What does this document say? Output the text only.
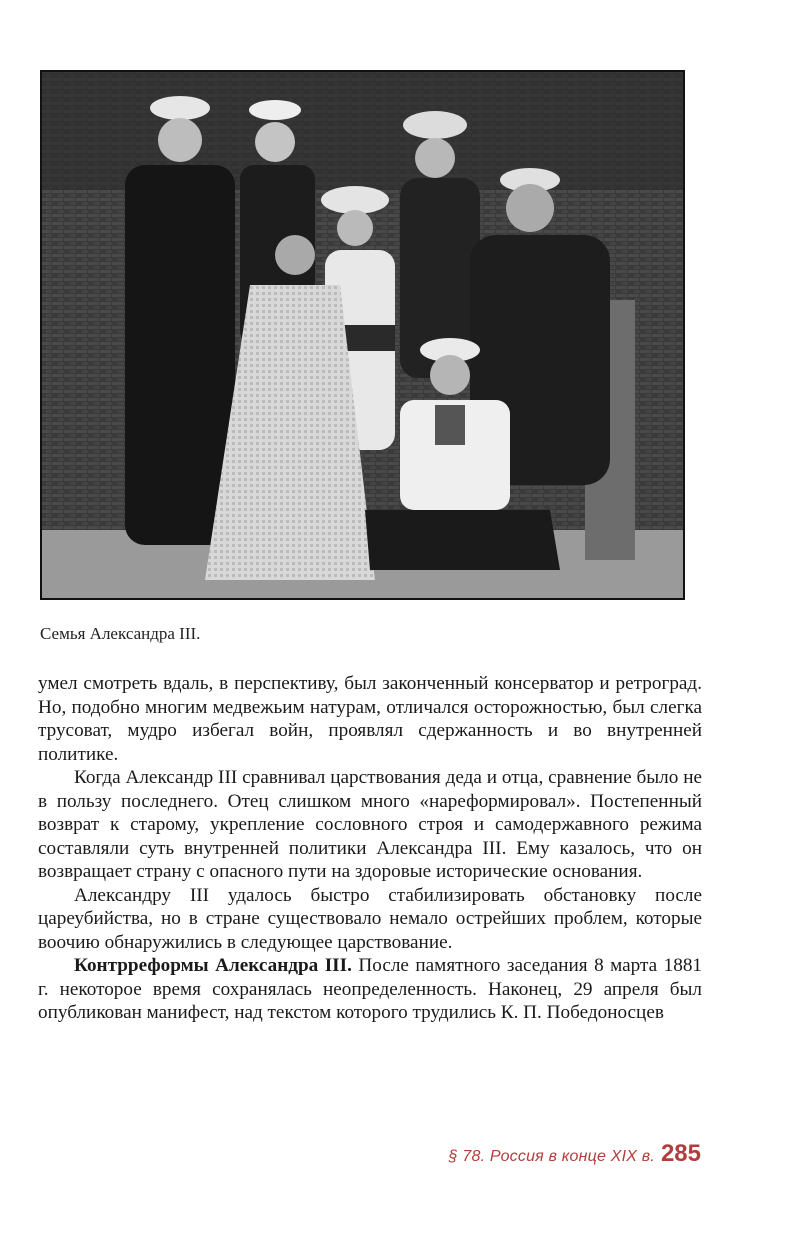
Семья Александра III.

умел смотреть вдаль, в перспективу, был законченный консерватор и ретроград. Но, подобно многим медвежьим натурам, отличался осторожностью, был слегка трусоват, мудро избегал войн, проявлял сдержанность и во внутренней политике.

Когда Александр III сравнивал царствования деда и отца, сравнение было не в пользу последнего. Отец слишком много «нареформировал». Постепенный возврат к старому, укрепление сословного строя и самодержавного режима составляли суть внутренней политики Александра III. Ему казалось, что он возвращает страну с опасного пути на здоровые исторические основания.

Александру III удалось быстро стабилизировать обстановку после цареубийства, но в стране существовало немало острейших проблем, которые воочию обнаружились в следующее царствование.

Контрреформы Александра III. После памятного заседания 8 марта 1881 г. некоторое время сохранялась неопределенность. Наконец, 29 апреля был опубликован манифест, над текстом которого трудились К. П. Победоносцев

§ 78. Россия в конце XIX в. 285
